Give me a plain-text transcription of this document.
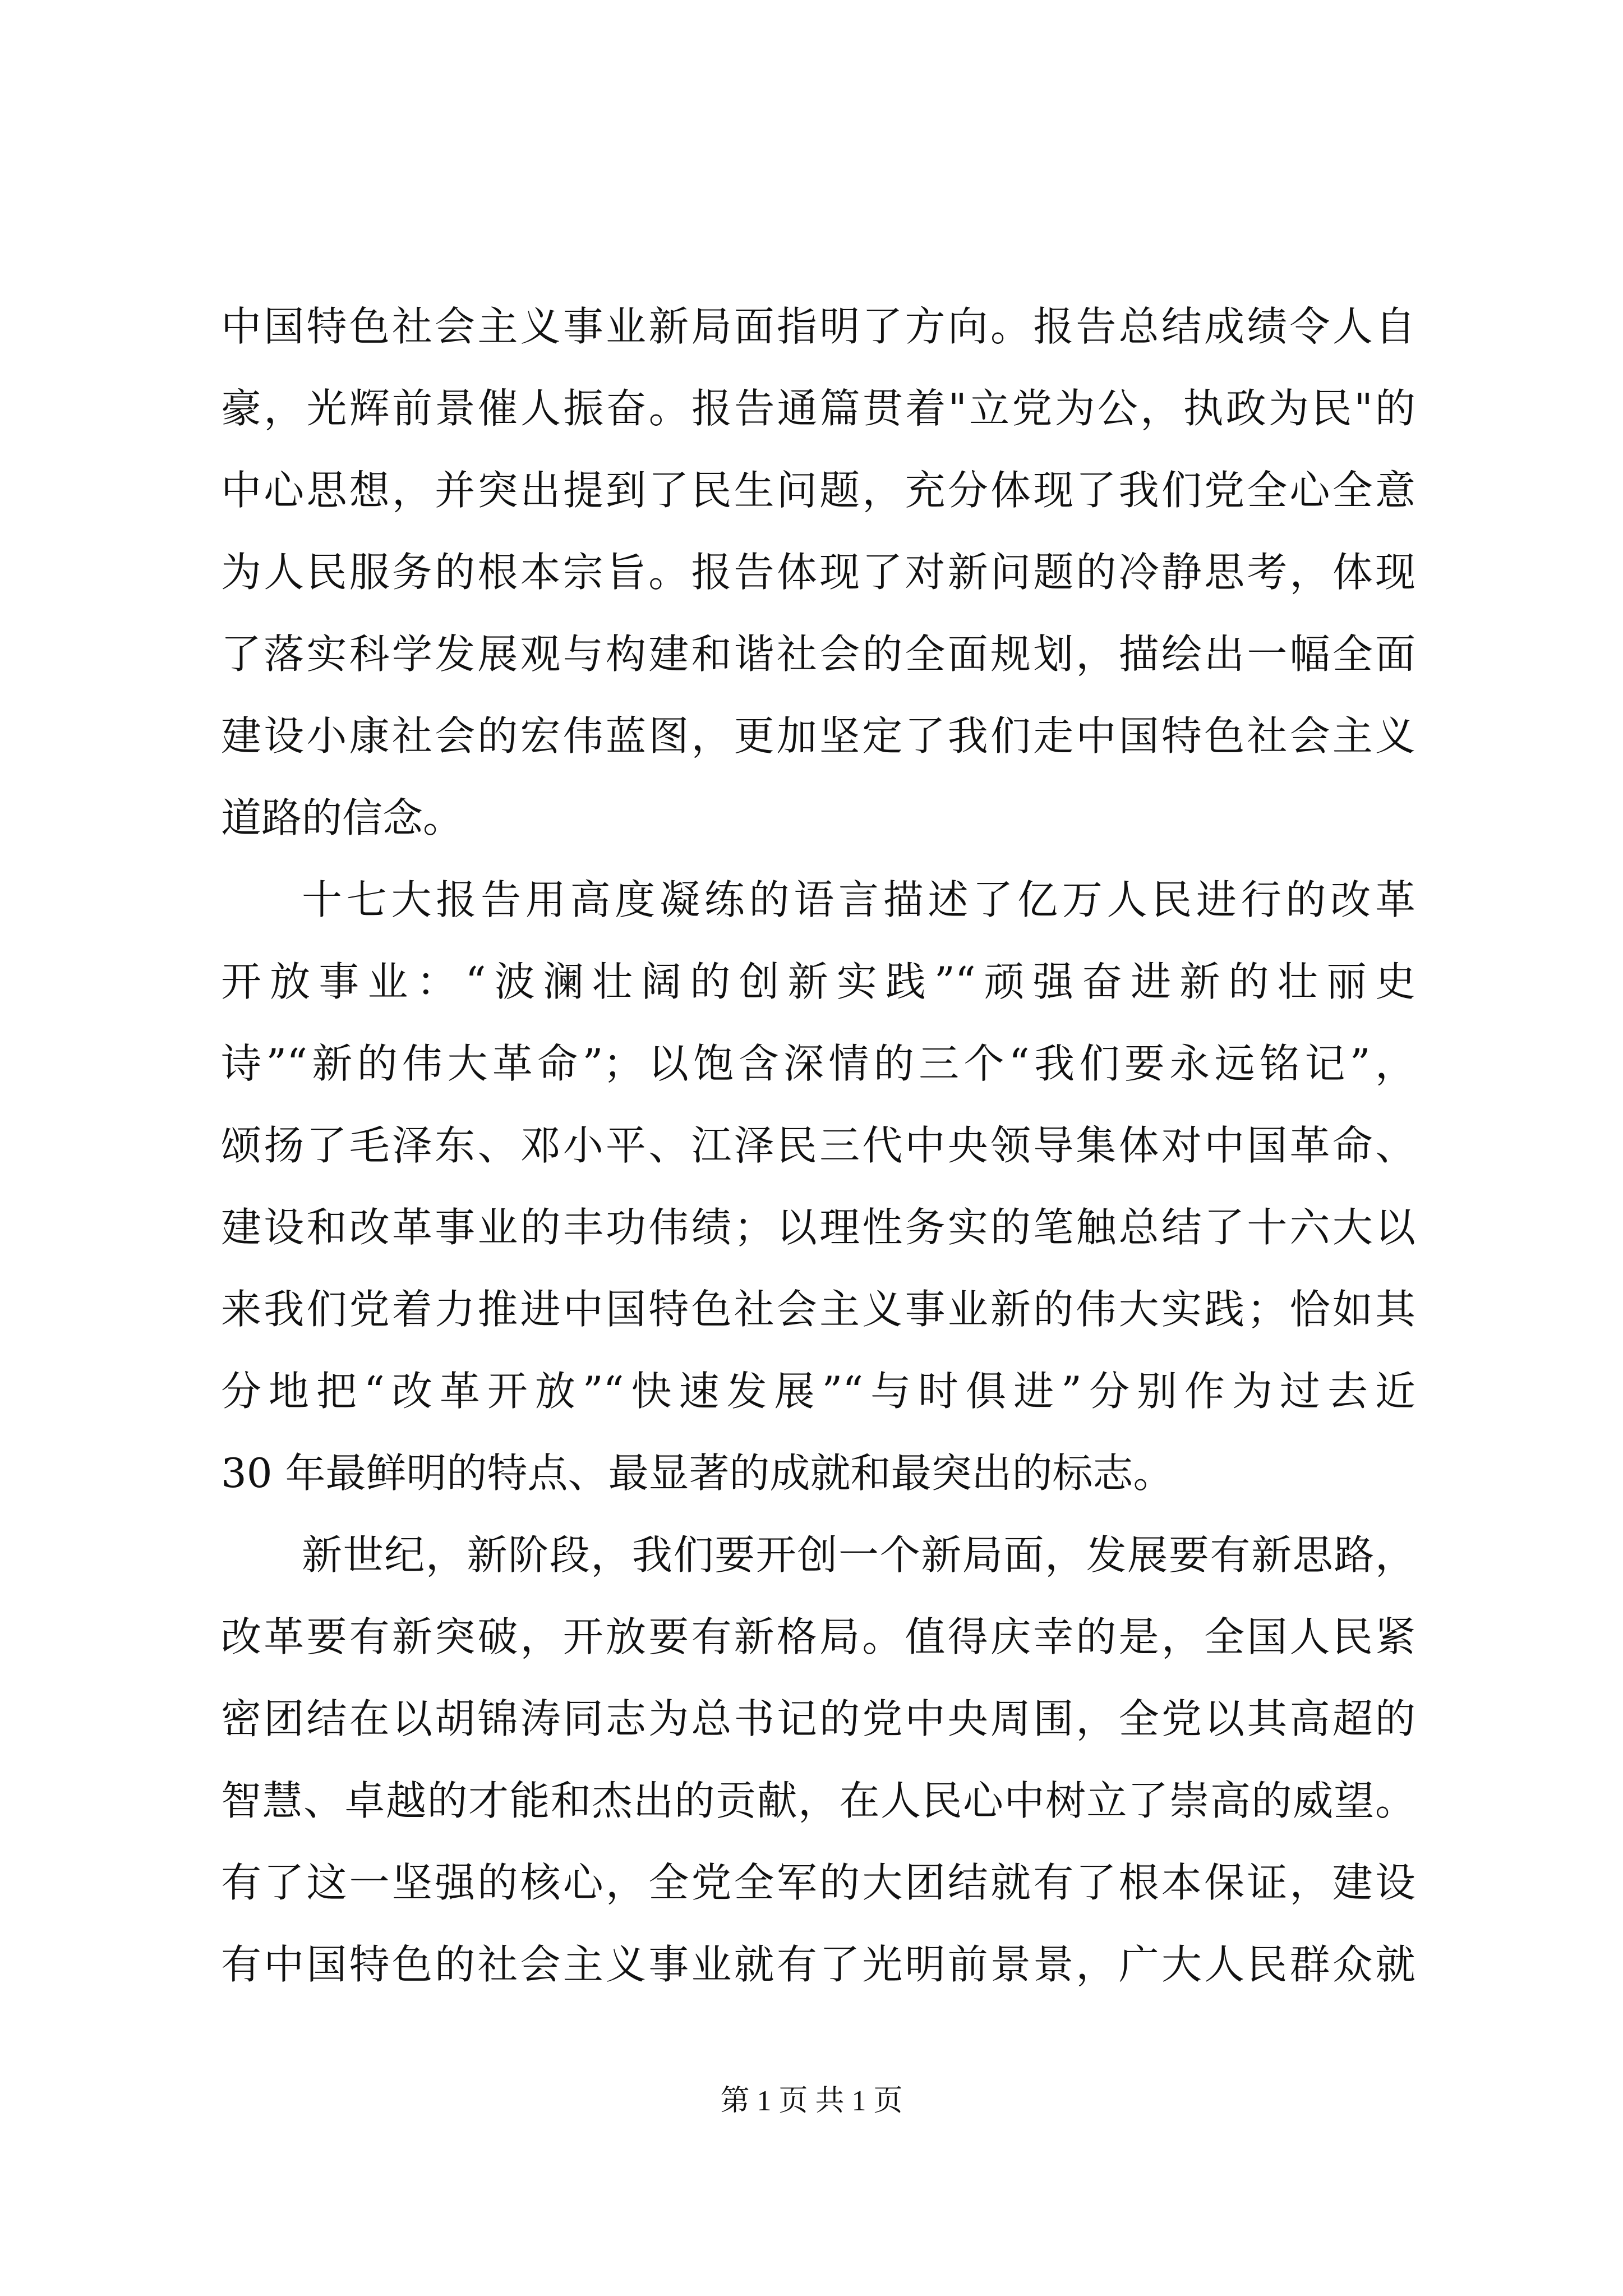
中国特色社会主义事业新局面指明了方向。报告总结成绩令人自
豪，光辉前景催人振奋。报告通篇贯着"立党为公，执政为民"的
中心思想，并突出提到了民生问题，充分体现了我们党全心全意
为人民服务的根本宗旨。报告体现了对新问题的冷静思考，体现
了落实科学发展观与构建和谐社会的全面规划，描绘出一幅全面
建设小康社会的宏伟蓝图，更加坚定了我们走中国特色社会主义
道路的信念。
十七大报告用高度凝练的语言描述了亿万人民进行的改革
开放事业：“波澜壮阔的创新实践”“顽强奋进新的壮丽史
诗”“新的伟大革命”；以饱含深情的三个“我们要永远铭记”，
颂扬了毛泽东、邓小平、江泽民三代中央领导集体对中国革命、
建设和改革事业的丰功伟绩；以理性务实的笔触总结了十六大以
来我们党着力推进中国特色社会主义事业新的伟大实践；恰如其
分地把“改革开放”“快速发展”“与时俱进”分别作为过去近
30 年最鲜明的特点、最显著的成就和最突出的标志。
新世纪，新阶段，我们要开创一个新局面，发展要有新思路，
改革要有新突破，开放要有新格局。值得庆幸的是，全国人民紧
密团结在以胡锦涛同志为总书记的党中央周围，全党以其高超的
智慧、卓越的才能和杰出的贡献，在人民心中树立了崇高的威望。
有了这一坚强的核心，全党全军的大团结就有了根本保证，建设
有中国特色的社会主义事业就有了光明前景景，广大人民群众就
第 1 页 共 1 页
